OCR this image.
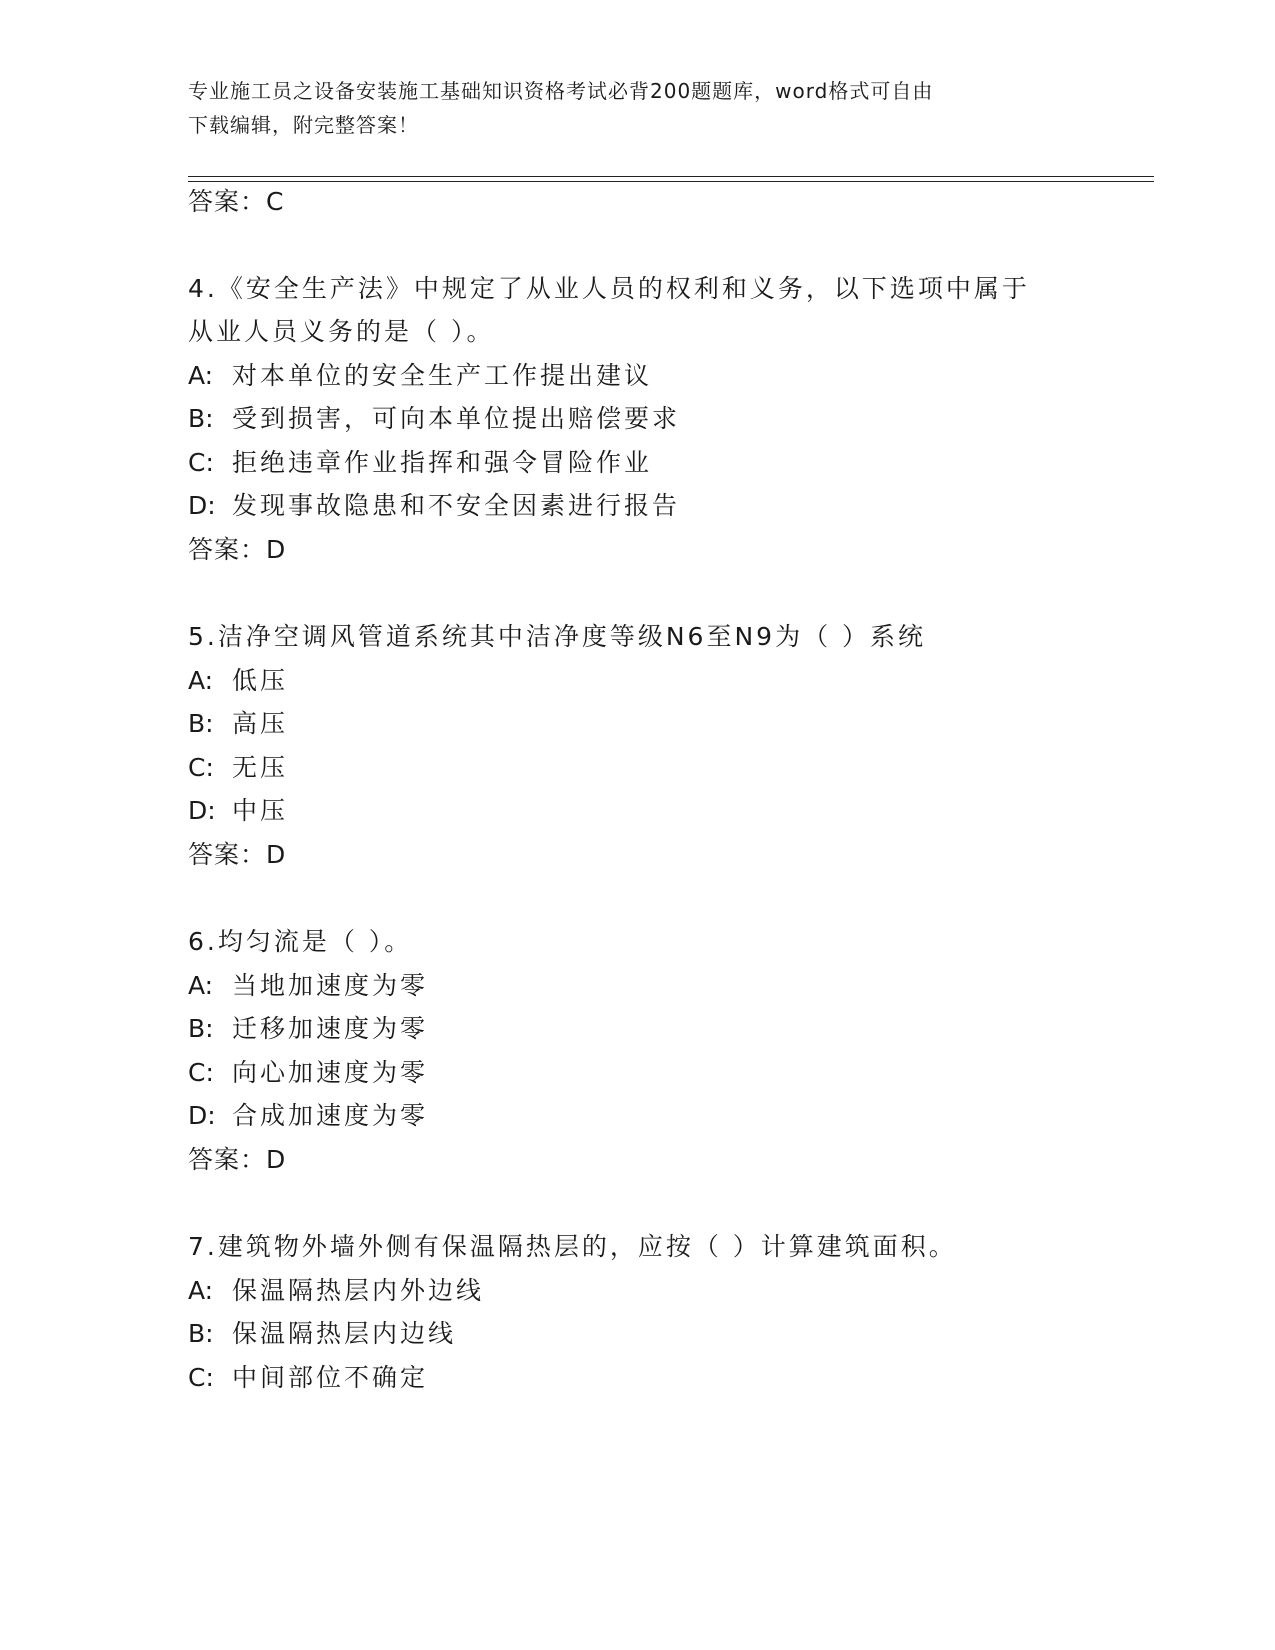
专业施工员之设备安装施工基础知识资格考试必背200题题库，word格式可自由
下载编辑，附完整答案！
答案：C
4.《安全生产法》中规定了从业人员的权利和义务，以下选项中属于
从业人员义务的是（ ）。
A: 对本单位的安全生产工作提出建议
B: 受到损害，可向本单位提出赔偿要求
C: 拒绝违章作业指挥和强令冒险作业
D: 发现事故隐患和不安全因素进行报告
答案：D
5.洁净空调风管道系统其中洁净度等级N6至N9为（ ）系统
A: 低压
B: 高压
C: 无压
D: 中压
答案：D
6.均匀流是（ ）。
A: 当地加速度为零
B: 迁移加速度为零
C: 向心加速度为零
D: 合成加速度为零
答案：D
7.建筑物外墙外侧有保温隔热层的，应按（ ）计算建筑面积。
A: 保温隔热层内外边线
B: 保温隔热层内边线
C: 中间部位不确定
